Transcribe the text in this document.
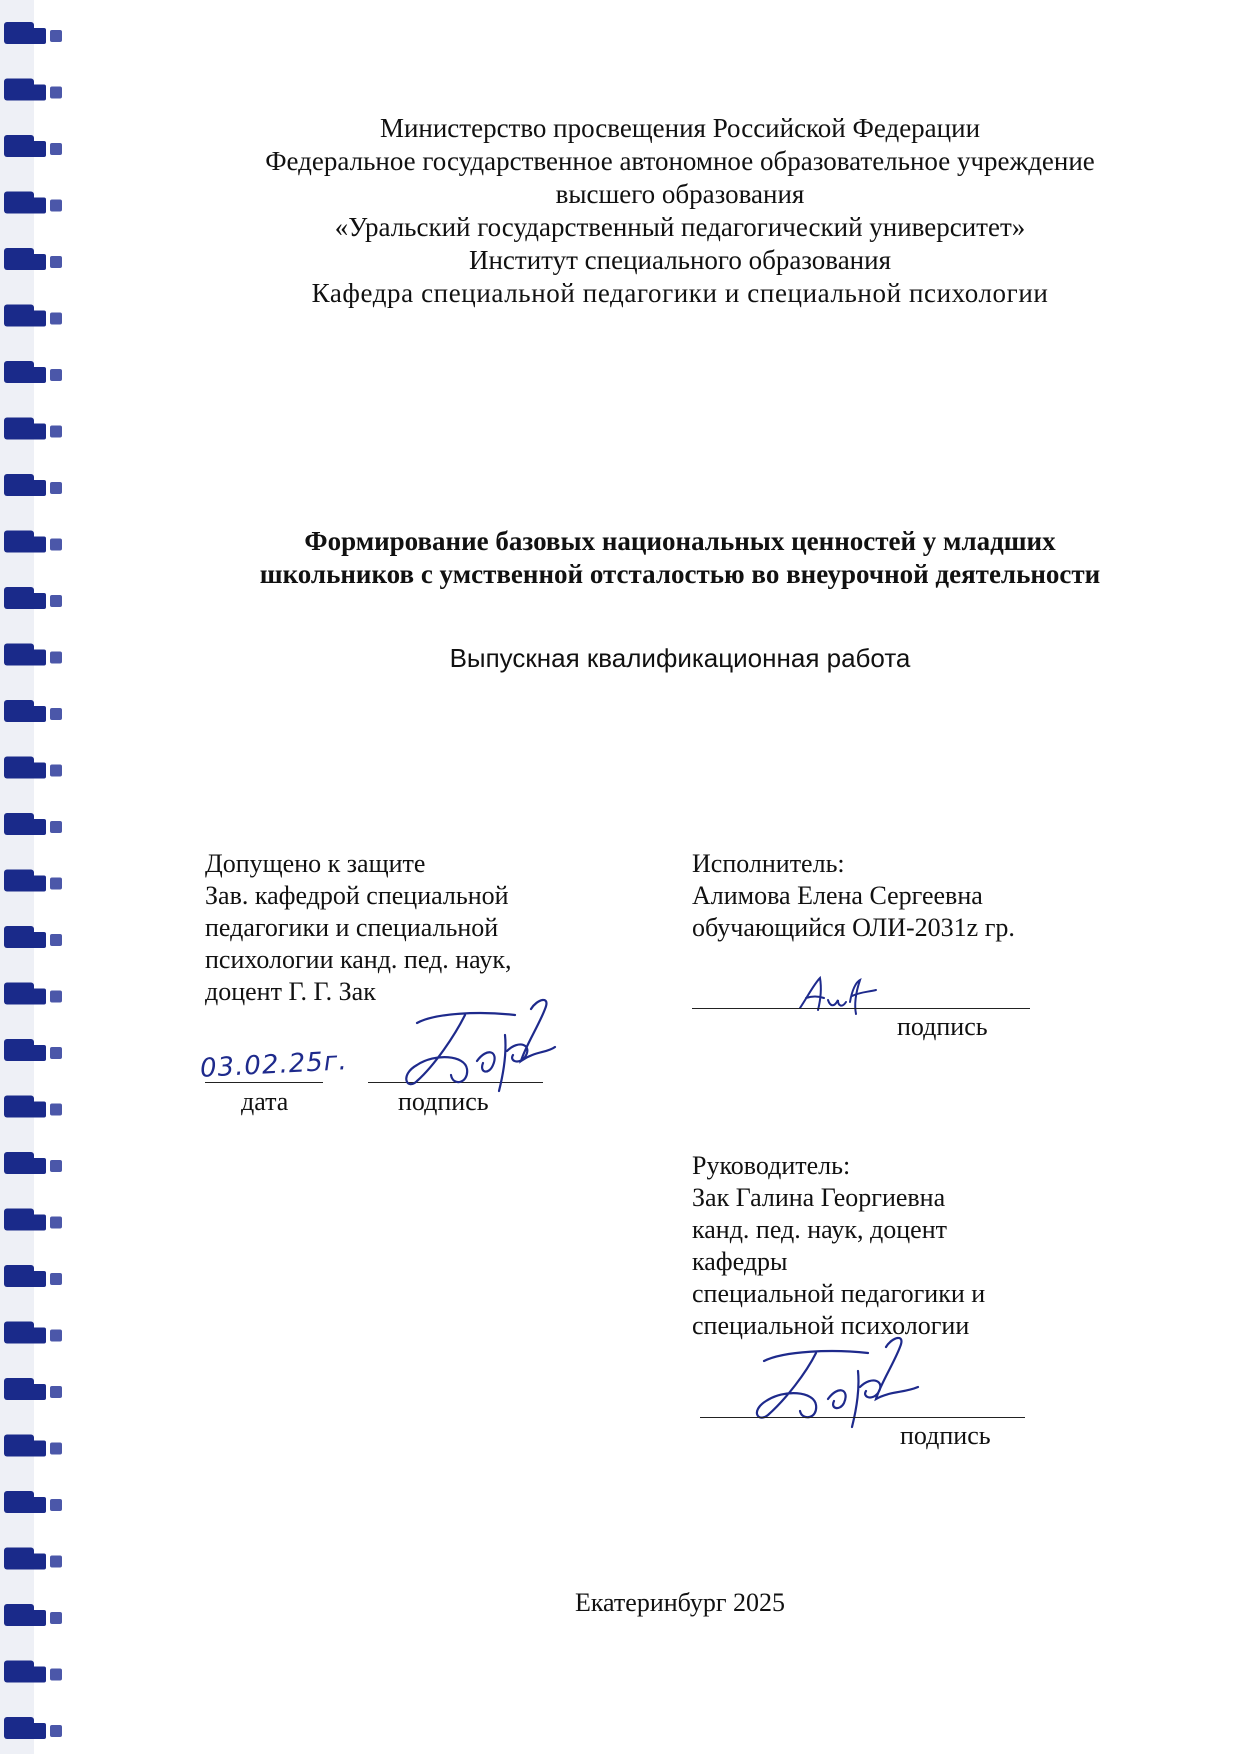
Министерство просвещения Российской Федерации
Федеральное государственное автономное образовательное учреждение
высшего образования
«Уральский государственный педагогический университет»
Институт специального образования
Кафедра специальной педагогики и специальной психологии
Формирование базовых национальных ценностей у младших
школьников с умственной отсталостью во внеурочной деятельности
Выпускная квалификационная работа
Допущено к защите
Зав. кафедрой специальной
педагогики и специальной
психологии канд. пед. наук,
доцент Г. Г. Зак
03.02.25г.
дата	подпись
Исполнитель:
Алимова Елена Сергеевна
обучающийся ОЛИ-2031z гр.
подпись
Руководитель:
Зак Галина Георгиевна
канд. пед. наук, доцент
кафедры
специальной педагогики и
специальной психологии
подпись
Екатеринбург 2025
